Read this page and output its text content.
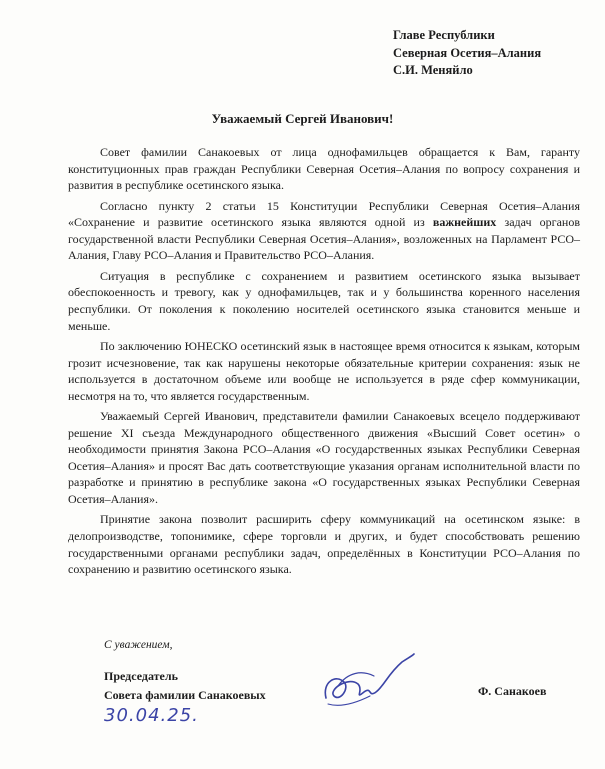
Главе Республики
Северная Осетия–Алания
С.И. Меняйло
Уважаемый Сергей Иванович!

Совет фамилии Санакоевых от лица однофамильцев обращается к Вам, гаранту конституционных прав граждан Республики Северная Осетия–Алания по вопросу сохранения и развития в республике осетинского языка.

Согласно пункту 2 статьи 15 Конституции Республики Северная Осетия–Алания «Сохранение и развитие осетинского языка являются одной из важнейших задач органов государственной власти Республики Северная Осетия–Алания», возложенных на Парламент РСО–Алания, Главу РСО–Алания и Правительство РСО–Алания.

Ситуация в республике с сохранением и развитием осетинского языка вызывает обеспокоенность и тревогу, как у однофамильцев, так и у большинства коренного населения республики. От поколения к поколению носителей осетинского языка становится меньше и меньше.

По заключению ЮНЕСКО осетинский язык в настоящее время относится к языкам, которым грозит исчезновение, так как нарушены некоторые обязательные критерии сохранения: язык не используется в достаточном объеме или вообще не используется в ряде сфер коммуникации, несмотря на то, что является государственным.

Уважаемый Сергей Иванович, представители фамилии Санакоевых всецело поддерживают решение XI съезда Международного общественного движения «Высший Совет осетин» о необходимости принятия Закона РСО–Алания «О государственных языках Республики Северная Осетия–Алания» и просят Вас дать соответствующие указания органам исполнительной власти по разработке и принятию в республике закона «О государственных языках Республики Северная Осетия–Алания».

Принятие закона позволит расширить сферу коммуникаций на осетинском языке: в делопроизводстве, топонимике, сфере торговли и других, и будет способствовать решению государственными органами республики задач, определённых в Конституции РСО–Алания по сохранению и развитию осетинского языка.

С уважением,
Председатель
Совета фамилии Санакоевых	Ф. Санакоев
30.04.25.
